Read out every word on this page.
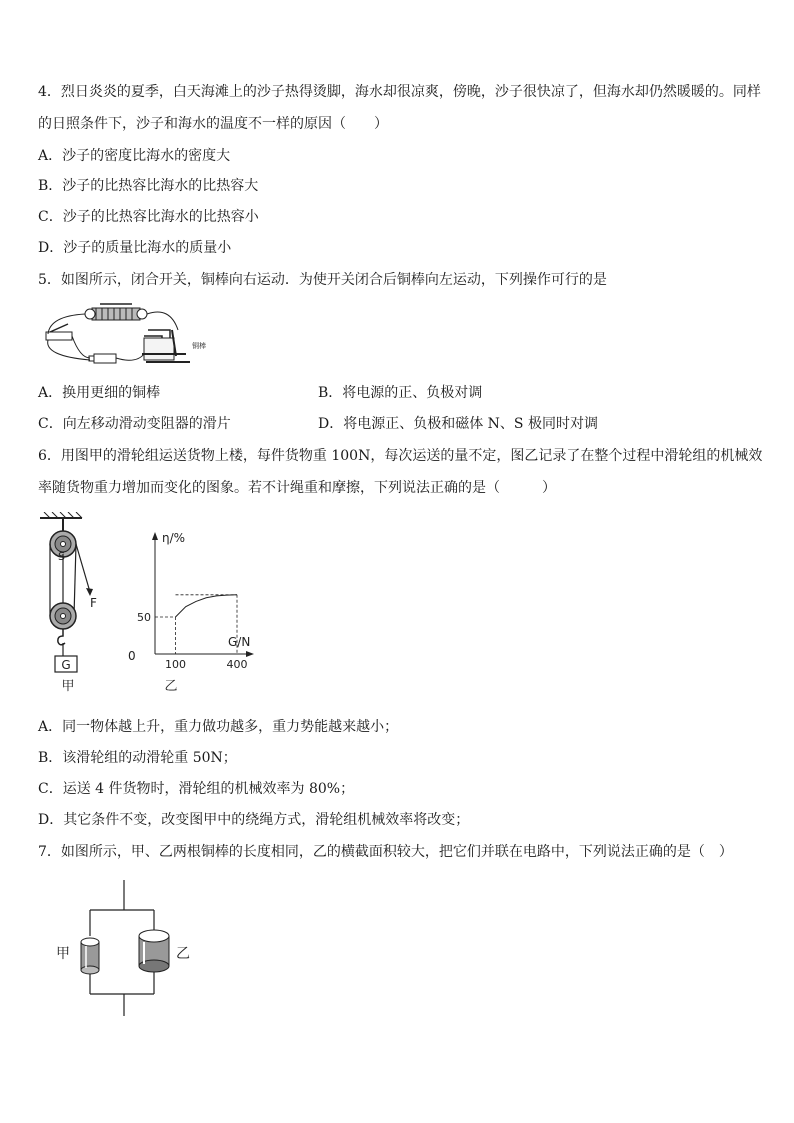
4．烈日炎炎的夏季，白天海滩上的沙子热得烫脚，海水却很凉爽，傍晚，沙子很快凉了，但海水却仍然暖暖的。同样
的日照条件下，沙子和海水的温度不一样的原因（　　）
A．沙子的密度比海水的密度大
B．沙子的比热容比海水的比热容大
C．沙子的比热容比海水的比热容小
D．沙子的质量比海水的质量小
5．如图所示，闭合开关，铜棒向右运动．为使开关闭合后铜棒向左运动，下列操作可行的是
铜棒
A．换用更细的铜棒	B．将电源的正、负极对调
C．向左移动滑动变阻器的滑片	D．将电源正、负极和磁体 N、S 极同时对调
6．用图甲的滑轮组运送货物上楼，每件货物重 100N，每次运送的量不定，图乙记录了在整个过程中滑轮组的机械效
率随货物重力增加而变化的图象。若不计绳重和摩擦，下列说法正确的是（　　　）
S
F
G
甲
η/%
G/N
0
100	400
50
乙
A．同一物体越上升，重力做功越多，重力势能越来越小；
B．该滑轮组的动滑轮重 50N；
C．运送 4 件货物时，滑轮组的机械效率为 80%；
D．其它条件不变，改变图甲中的绕绳方式，滑轮组机械效率将改变；
7．如图所示，甲、乙两根铜棒的长度相同，乙的横截面积较大，把它们并联在电路中，下列说法正确的是（　）
甲	乙
